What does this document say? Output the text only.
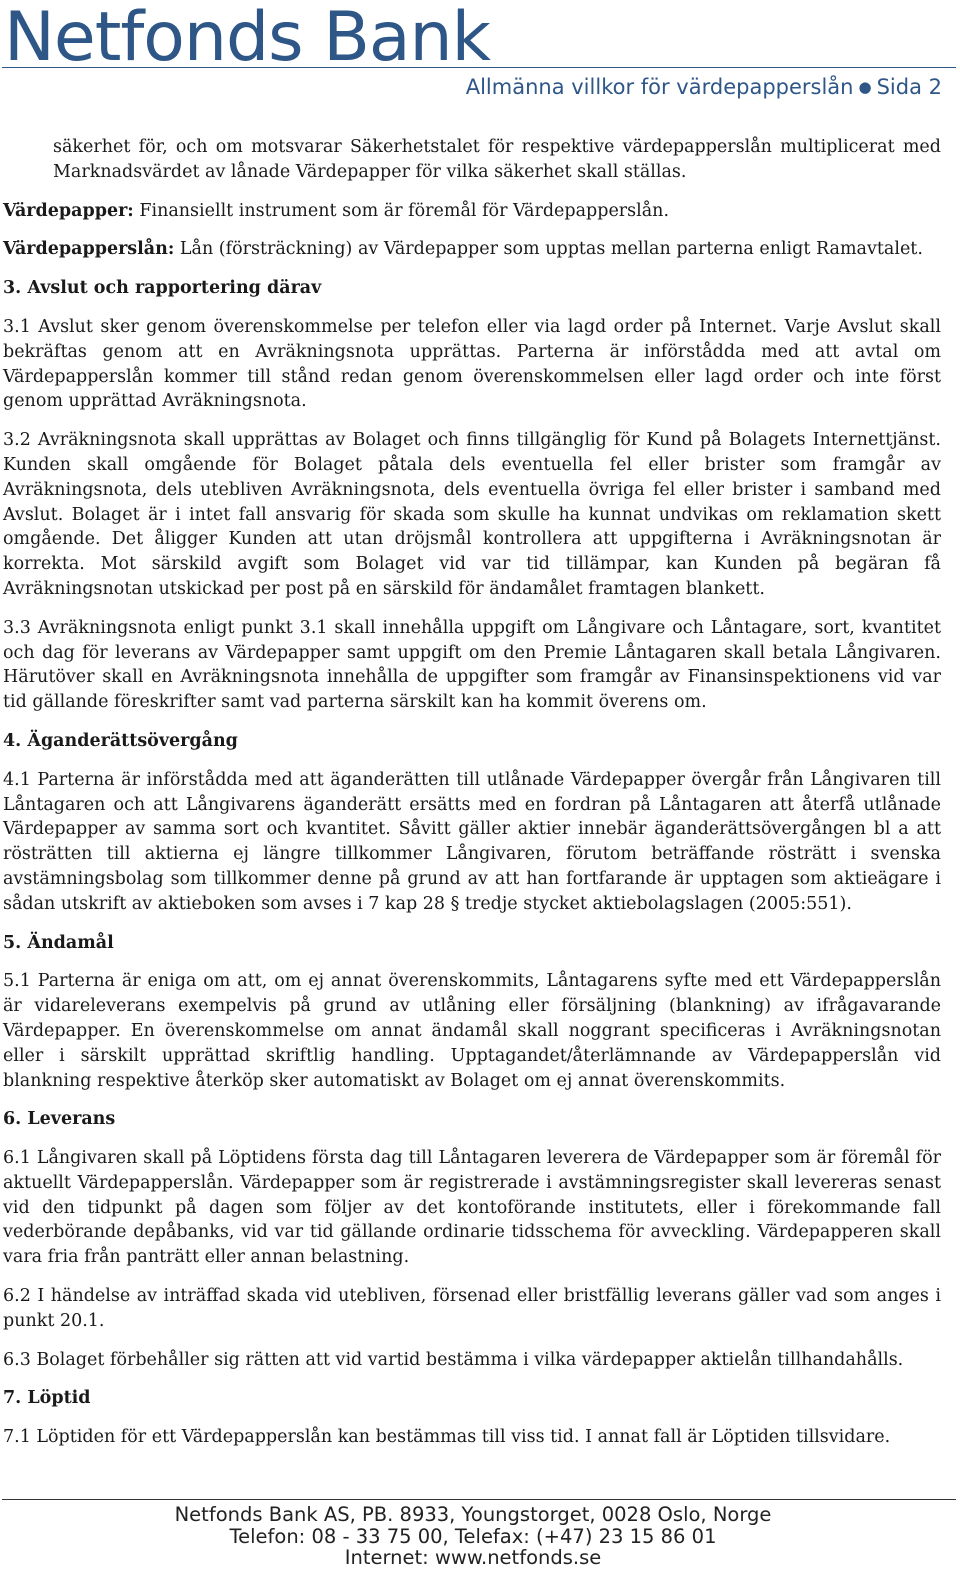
Netfonds Bank
Allmänna villkor för värdepapperslån ● Sida 2

säkerhet för, och om motsvarar Säkerhetstalet för respektive värdepapperslån multiplicerat med Marknadsvärdet av lånade Värdepapper för vilka säkerhet skall ställas.

Värdepapper: Finansiellt instrument som är föremål för Värdepapperslån.

Värdepapperslån: Lån (försträckning) av Värdepapper som upptas mellan parterna enligt Ramavtalet.

3. Avslut och rapportering därav

3.1 Avslut sker genom överenskommelse per telefon eller via lagd order på Internet. Varje Avslut skall bekräftas genom att en Avräkningsnota upprättas. Parterna är införstådda med att avtal om Värdepapperslån kommer till stånd redan genom överenskommelsen eller lagd order och inte först genom upprättad Avräkningsnota.

3.2 Avräkningsnota skall upprättas av Bolaget och finns tillgänglig för Kund på Bolagets Internettjänst. Kunden skall omgående för Bolaget påtala dels eventuella fel eller brister som framgår av Avräkningsnota, dels utebliven Avräkningsnota, dels eventuella övriga fel eller brister i samband med Avslut. Bolaget är i intet fall ansvarig för skada som skulle ha kunnat undvikas om reklamation skett omgående. Det åligger Kunden att utan dröjsmål kontrollera att uppgifterna i Avräkningsnotan är korrekta. Mot särskild avgift som Bolaget vid var tid tillämpar, kan Kunden på begäran få Avräkningsnotan utskickad per post på en särskild för ändamålet framtagen blankett.

3.3 Avräkningsnota enligt punkt 3.1 skall innehålla uppgift om Långivare och Låntagare, sort, kvantitet och dag för leverans av Värdepapper samt uppgift om den Premie Låntagaren skall betala Långivaren. Härutöver skall en Avräkningsnota innehålla de uppgifter som framgår av Finansinspektionens vid var tid gällande föreskrifter samt vad parterna särskilt kan ha kommit överens om.

4. Äganderättsövergång

4.1 Parterna är införstådda med att äganderätten till utlånade Värdepapper övergår från Långivaren till Låntagaren och att Långivarens äganderätt ersätts med en fordran på Låntagaren att återfå utlånade Värdepapper av samma sort och kvantitet. Såvitt gäller aktier innebär äganderättsövergången bl a att rösträtten till aktierna ej längre tillkommer Långivaren, förutom beträffande rösträtt i svenska avstämningsbolag som tillkommer denne på grund av att han fortfarande är upptagen som aktieägare i sådan utskrift av aktieboken som avses i 7 kap 28 § tredje stycket aktiebolagslagen (2005:551).

5. Ändamål

5.1 Parterna är eniga om att, om ej annat överenskommits, Låntagarens syfte med ett Värdepapperslån är vidareleverans exempelvis på grund av utlåning eller försäljning (blankning) av ifrågavarande Värdepapper. En överenskommelse om annat ändamål skall noggrant specificeras i Avräkningsnotan eller i särskilt upprättad skriftlig handling. Upptagandet/återlämnande av Värdepapperslån vid blankning respektive återköp sker automatiskt av Bolaget om ej annat överenskommits.

6. Leverans

6.1 Långivaren skall på Löptidens första dag till Låntagaren leverera de Värdepapper som är föremål för aktuellt Värdepapperslån. Värdepapper som är registrerade i avstämningsregister skall levereras senast vid den tidpunkt på dagen som följer av det kontoförande institutets, eller i förekommande fall vederbörande depåbanks, vid var tid gällande ordinarie tidsschema för avveckling. Värdepapperen skall vara fria från panträtt eller annan belastning.

6.2 I händelse av inträffad skada vid utebliven, försenad eller bristfällig leverans gäller vad som anges i punkt 20.1.

6.3 Bolaget förbehåller sig rätten att vid vartid bestämma i vilka värdepapper aktielån tillhandahålls.

7. Löptid

7.1 Löptiden för ett Värdepapperslån kan bestämmas till viss tid. I annat fall är Löptiden tillsvidare.

Netfonds Bank AS, PB. 8933, Youngstorget, 0028 Oslo, Norge
Telefon: 08 - 33 75 00, Telefax: (+47) 23 15 86 01
Internet: www.netfonds.se
